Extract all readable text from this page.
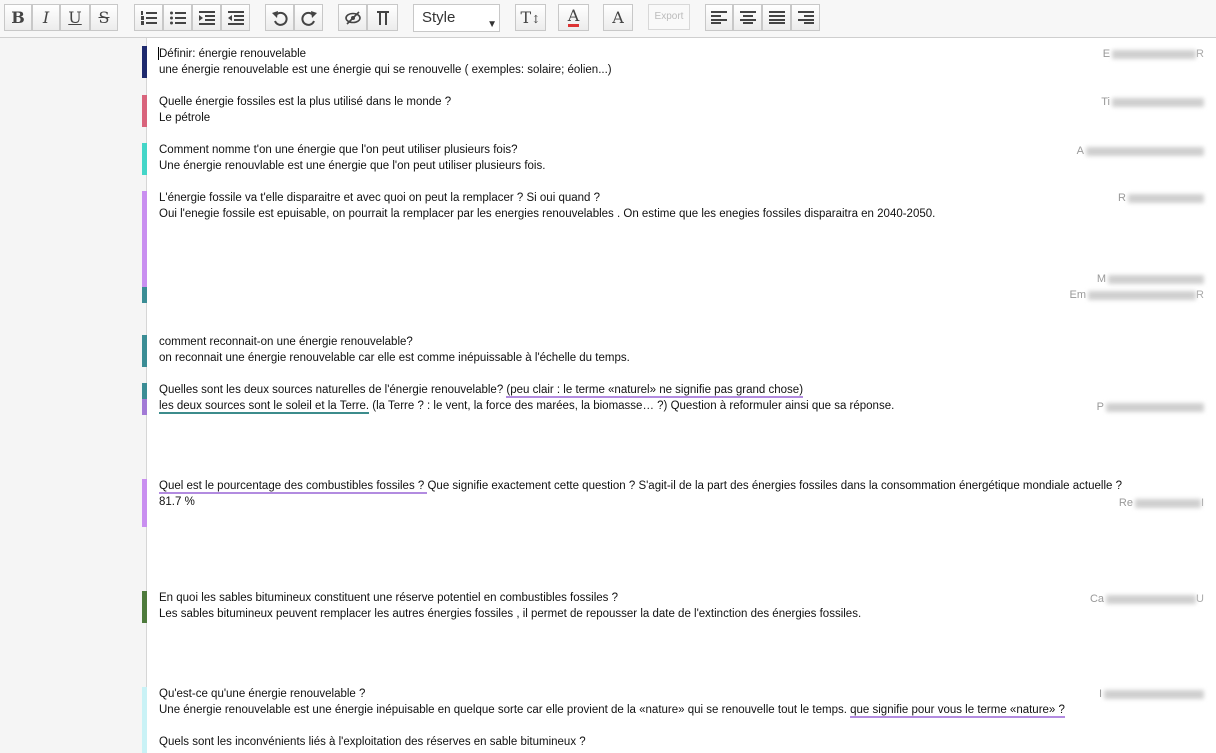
B	I	U	S	Style	▼ T↕ A A	Export
E	R
Ti
A
R
M
Em	R
P
Re	I
Ca	U
I
Définir: énergie renouvelable
une énergie renouvelable est une énergie qui se renouvelle ( exemples: solaire; éolien...)
Quelle énergie fossiles est la plus utilisé dans le monde ?
Le pétrole
Comment nomme t'on une énergie que l'on peut utiliser plusieurs fois?
Une énergie renouvlable est une énergie que l'on peut utiliser plusieurs fois.
L'énergie fossile va t'elle disparaitre et avec quoi on peut la remplacer ? Si oui quand ?
Oui l'enegie fossile est epuisable, on pourrait la remplacer par les energies renouvelables . On estime que les enegies fossiles disparaitra en 2040-2050.
comment reconnait-on une énergie renouvelable?
on reconnait une énergie renouvelable car elle est comme inépuissable à l'échelle du temps.
Quelles sont les deux sources naturelles de l'énergie renouvelable? (peu clair : le terme «naturel» ne signifie pas grand chose)
les deux sources sont le soleil et la Terre. (la Terre ? : le vent, la force des marées, la biomasse… ?) Question à reformuler ainsi que sa réponse.
Quel est le pourcentage des combustibles fossiles ? Que signifie exactement cette question ? S'agit-il de la part des énergies fossiles dans la consommation énergétique mondiale actuelle ?
81.7 %
En quoi les sables bitumineux constituent une réserve potentiel en combustibles fossiles ?
Les sables bitumineux peuvent remplacer les autres énergies fossiles , il permet de repousser la date de l'extinction des énergies fossiles.
Qu'est-ce qu'une énergie renouvelable ?
Une énergie renouvelable est une énergie inépuisable en quelque sorte car elle provient de la «nature» qui se renouvelle tout le temps. que signifie pour vous le terme «nature» ?
Quels sont les inconvénients liés à l'exploitation des réserves en sable bitumineux ?
